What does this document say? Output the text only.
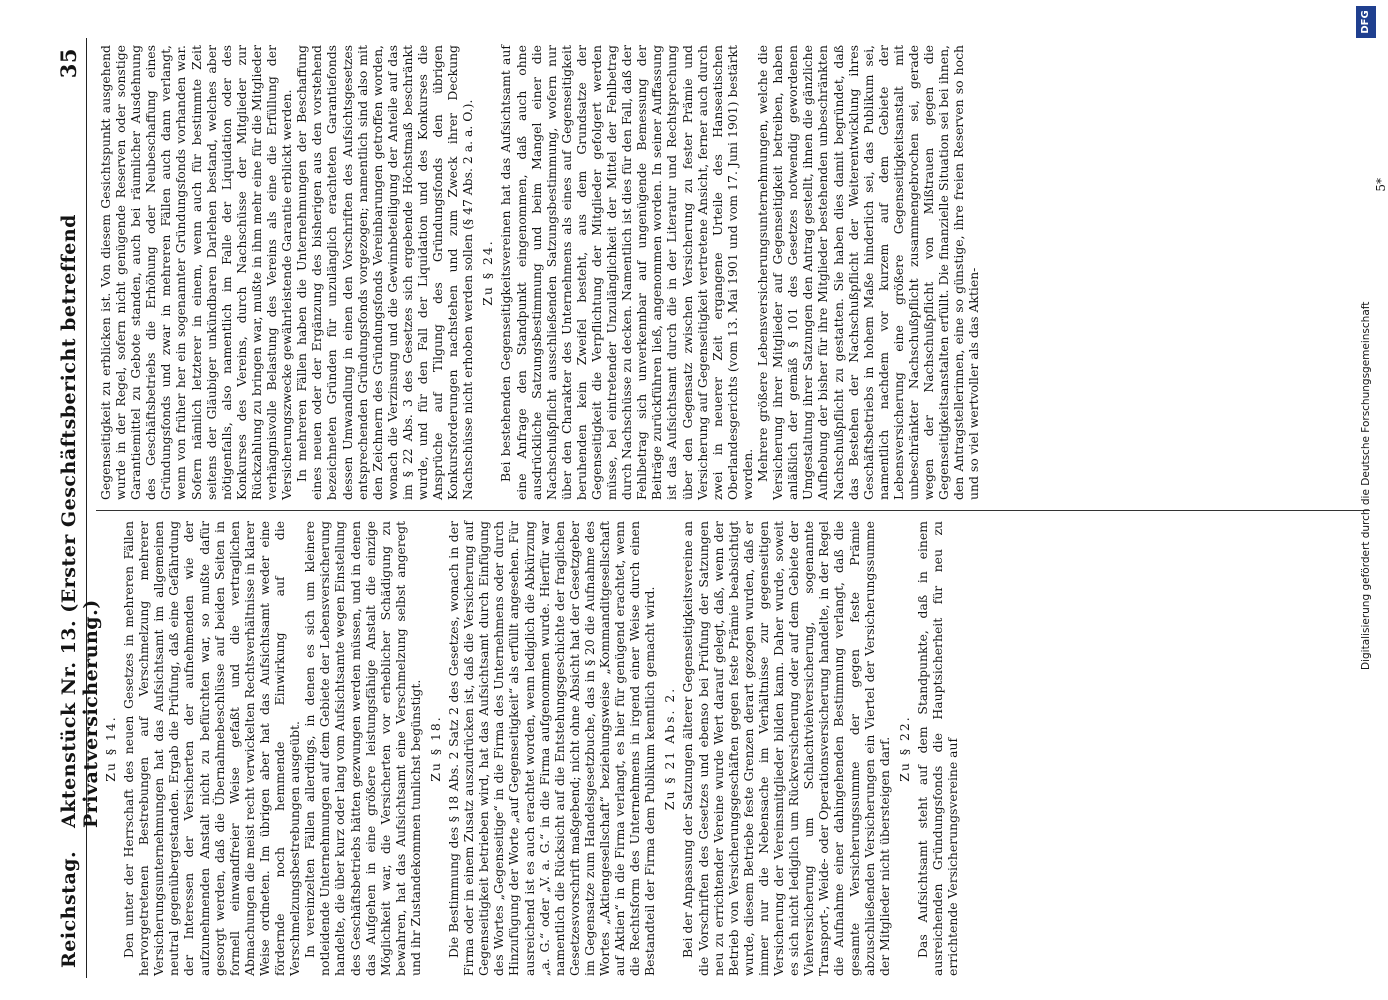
Reichstag.
Aktenstück Nr. 13. (Erster Geschäftsbericht betreffend Privatversicherung.)
35
Zu § 14. Den unter der Herrschaft des neuen Gesetzes in mehreren Fällen hervorgetretenen Bestrebungen auf Verschmelzung mehrerer Versicherungsunternehmungen hat das Aufsichtsamt im allgemeinen neutral gegenübergestanden. Ergab die Prüfung, daß eine Gefährdung der Interessen der Versicherten der aufnehmenden wie der aufzunehmenden Anstalt nicht zu befürchten war, so mußte dafür gesorgt werden, daß die Übernahmebeschlüsse auf beiden Seiten in formell einwandfreier Weise gefaßt und die vertraglichen Abmachungen die meist recht verwickelten Rechtsverhältnisse in klarer Weise ordneten. Im übrigen aber hat das Aufsichtsamt weder eine fördernde noch hemmende Einwirkung auf die Verschmelzungsbestrebungen ausgeübt. In vereinzelten Fällen allerdings, in denen es sich um kleinere notleidende Unternehmungen auf dem Gebiete der Lebensversicherung handelte, die über kurz oder lang vom Aufsichtsamte wegen Einstellung des Geschäftsbetriebs hätten gezwungen werden müssen, und in denen das Aufgehen in eine größere leistungsfähige Anstalt die einzige Möglichkeit war, die Versicherten vor erheblicher Schädigung zu bewahren, hat das Aufsichtsamt eine Verschmelzung selbst angeregt und ihr Zustandekommen tunlichst begünstigt. Zu § 18. Die Bestimmung des § 18 Abs. 2 Satz 2 des Gesetzes, wonach in der Firma oder in einem Zusatz auszudrücken ist, daß die Versicherung auf Gegenseitigkeit betrieben wird, hat das Aufsichtsamt durch Einfügung des Wortes „Gegenseitige“ in die Firma des Unternehmens oder durch Hinzufügung der Worte „auf Gegenseitigkeit“ als erfüllt angesehen. Für ausreichend ist es auch erachtet worden, wenn lediglich die Abkürzung „a. G.“ oder „V. a. G.“ in die Firma aufgenommen wurde. Hierfür war namentlich die Rücksicht auf die Entstehungsgeschichte der fraglichen Gesetzesvorschrift maßgebend; nicht ohne Absicht hat der Gesetzgeber im Gegensatze zum Handelsgesetzbuche, das in § 20 die Aufnahme des Wortes „Aktiengesellschaft“ beziehungsweise „Kommanditgesellschaft auf Aktien“ in die Firma verlangt, es hier für genügend erachtet, wenn die Rechtsform des Unternehmens in irgend einer Weise durch einen Bestandteil der Firma dem Publikum kenntlich gemacht wird. Zu § 21 Abs. 2. Bei der Anpassung der Satzungen älterer Gegenseitigkeitsvereine an die Vorschriften des Gesetzes und ebenso bei Prüfung der Satzungen neu zu errichtender Vereine wurde Wert darauf gelegt, daß, wenn der Betrieb von Versicherungsgeschäften gegen feste Prämie beabsichtigt wurde, diesem Betriebe feste Grenzen derart gezogen wurden, daß er immer nur die Nebensache im Verhältnisse zur gegenseitigen Versicherung der Vereinsmitglieder bilden kann. Daher wurde, soweit es sich nicht lediglich um Rückversicherung oder auf dem Gebiete der Viehversicherung um Schlachtviehversicherung, sogenannte Transport-, Weide- oder Operationsversicherung handelte, in der Regel die Aufnahme einer dahingehenden Bestimmung verlangt, daß die gesamte Versicherungssumme der gegen feste Prämie abzuschließenden Versicherungen ein Viertel der Versicherungssumme der Mitglieder nicht übersteigen darf. Zu § 22. Das Aufsichtsamt steht auf dem Standpunkte, daß in einem ausreichenden Gründungsfonds die Hauptsicherheit für neu zu errichtende Versicherungsvereine auf

Gegenseitigkeit zu erblicken ist. Von diesem Gesichtspunkt ausgehend wurde in der Regel, sofern nicht genügende Reserven oder sonstige Garantiemittel zu Gebote standen, auch bei räumlicher Ausdehnung des Geschäftsbetriebs die Erhöhung oder Neubeschaffung eines Gründungsfonds und zwar in mehreren Fällen auch dann verlangt, wenn von früher her ein sogenannter Gründungsfonds vorhanden war. Sofern nämlich letzterer in einem, wenn auch für bestimmte Zeit seitens der Gläubiger unkündbaren Darlehen bestand, welches aber nötigenfalls, also namentlich im Falle der Liquidation oder des Konkurses des Vereins, durch Nachschüsse der Mitglieder zur Rückzahlung zu bringen war, mußte in ihm mehr eine für die Mitglieder verhängnisvolle Belastung des Vereins als eine die Erfüllung der Versicherungszwecke gewährleistende Garantie erblickt werden. In mehreren Fällen haben die Unternehmungen der Beschaffung eines neuen oder der Ergänzung des bisherigen aus den vorstehend bezeichneten Gründen für unzulänglich erachteten Garantiefonds dessen Umwandlung in einen den Vorschriften des Aufsichtsgesetzes entsprechenden Gründungsfonds vorgezogen; namentlich sind also mit den Zeichnern des Gründungsfonds Vereinbarungen getroffen worden, wonach die Verzinsung und die Gewinnbeteiligung der Anteile auf das im § 22 Abs. 3 des Gesetzes sich ergebende Höchstmaß beschränkt wurde, und für den Fall der Liquidation und des Konkurses die Ansprüche auf Tilgung des Gründungsfonds den übrigen Konkursforderungen nachstehen und zum Zweck ihrer Deckung Nachschüsse nicht erhoben werden sollen (§ 47 Abs. 2 a. a. O.). Zu § 24. Bei bestehenden Gegenseitigkeitsvereinen hat das Aufsichtsamt auf eine Anfrage den Standpunkt eingenommen, daß auch ohne ausdrückliche Satzungsbestimmung und beim Mangel einer die Nachschußpflicht ausschließenden Satzungsbestimmung, wofern nur über den Charakter des Unternehmens als eines auf Gegenseitigkeit beruhenden kein Zweifel besteht, aus dem Grundsatze der Gegenseitigkeit die Verpflichtung der Mitglieder gefolgert werden müsse, bei eintretender Unzulänglichkeit der Mittel der Fehlbetrag durch Nachschüsse zu decken. Namentlich ist dies für den Fall, daß der Fehlbetrag sich unverkennbar auf ungenügende Bemessung der Beiträge zurückführen ließ, angenommen worden. In seiner Auffassung ist das Aufsichtsamt durch die in der Literatur und Rechtsprechung über den Gegensatz zwischen Versicherung zu fester Prämie und Versicherung auf Gegenseitigkeit vertretene Ansicht, ferner auch durch zwei in neuerer Zeit ergangene Urteile des Hanseatischen Oberlandesgerichts (vom 13. Mai 1901 und vom 17. Juni 1901) bestärkt worden. Mehrere größere Lebensversicherungsunternehmungen, welche die Versicherung ihrer Mitglieder auf Gegenseitigkeit betreiben, haben anläßlich der gemäß § 101 des Gesetzes notwendig gewordenen Umgestaltung ihrer Satzungen den Antrag gestellt, ihnen die gänzliche Aufhebung der bisher für ihre Mitglieder bestehenden unbeschränkten Nachschußpflicht zu gestatten. Sie haben dies damit begründet, daß das Bestehen der Nachschußpflicht der Weiterentwicklung ihres Geschäftsbetriebs in hohem Maße hinderlich sei, das Publikum sei, namentlich nachdem vor kurzem auf dem Gebiete der Lebensversicherung eine größere Gegenseitigkeitsanstalt mit unbeschränkter Nachschußpflicht zusammengebrochen sei, gerade wegen der Nachschußpflicht von Mißtrauen gegen die Gegenseitigkeitsanstalten erfüllt. Die finanzielle Situation sei bei ihnen, den Antragstellerinnen, eine so günstige, ihre freien Reserven so hoch und so viel wertvoller als das Aktien-

5*
Digitalisierung gefördert durch die Deutsche Forschungsgemeinschaft
DFG
